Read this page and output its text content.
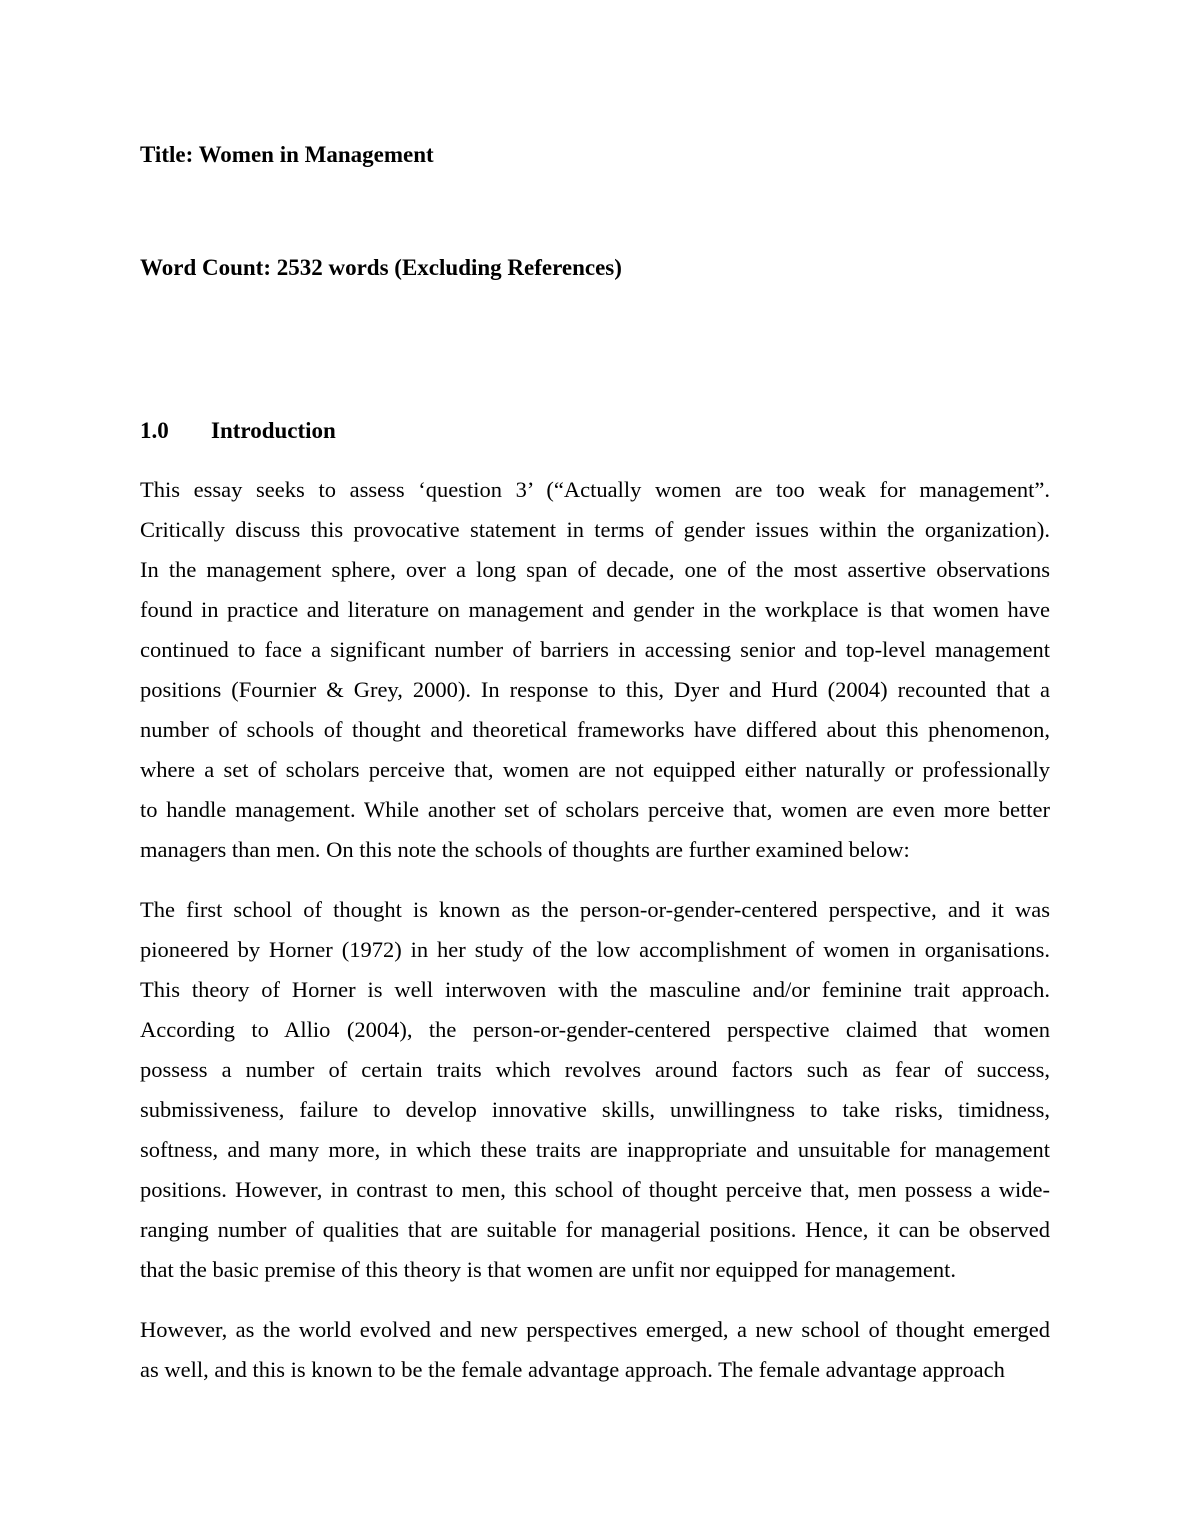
Title: Women in Management

Word Count: 2532 words (Excluding References)

1.0 Introduction

This essay seeks to assess ‘question 3’ (“Actually women are too weak for management”.
Critically discuss this provocative statement in terms of gender issues within the organization).
In the management sphere, over a long span of decade, one of the most assertive observations
found in practice and literature on management and gender in the workplace is that women have
continued to face a significant number of barriers in accessing senior and top-level management
positions (Fournier & Grey, 2000). In response to this, Dyer and Hurd (2004) recounted that a
number of schools of thought and theoretical frameworks have differed about this phenomenon,
where a set of scholars perceive that, women are not equipped either naturally or professionally
to handle management. While another set of scholars perceive that, women are even more better
managers than men. On this note the schools of thoughts are further examined below:
The first school of thought is known as the person-or-gender-centered perspective, and it was
pioneered by Horner (1972) in her study of the low accomplishment of women in organisations.
This theory of Horner is well interwoven with the masculine and/or feminine trait approach.
According to Allio (2004), the person-or-gender-centered perspective claimed that women
possess a number of certain traits which revolves around factors such as fear of success,
submissiveness, failure to develop innovative skills, unwillingness to take risks, timidness,
softness, and many more, in which these traits are inappropriate and unsuitable for management
positions. However, in contrast to men, this school of thought perceive that, men possess a wide-
ranging number of qualities that are suitable for managerial positions. Hence, it can be observed
that the basic premise of this theory is that women are unfit nor equipped for management.
However, as the world evolved and new perspectives emerged, a new school of thought emerged
as well, and this is known to be the female advantage approach. The female advantage approach
